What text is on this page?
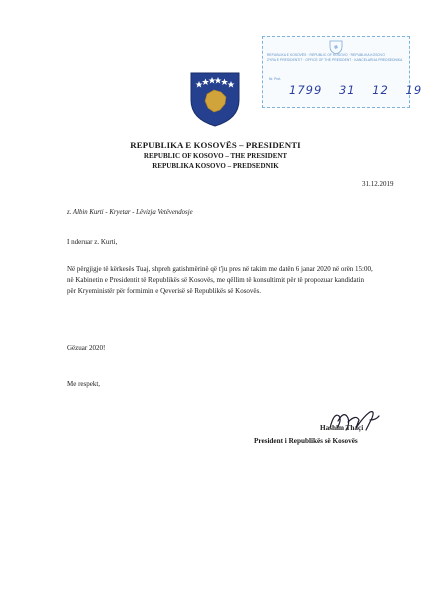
REPUBLIKA E KOSOVËS · REPUBLIC OF KOSOVO · REPUBLIKA KOSOVO
ZYRA E PRESIDENTIT · OFFICE OF THE PRESIDENT · KANCELARIJA PREDSEDNIKA
Nr. Prot.
1799 31 12 19
REPUBLIKA E KOSOVËS – PRESIDENTI
REPUBLIC OF KOSOVO – THE PRESIDENT
REPUBLIKA KOSOVO – PREDSEDNIK
31.12.2019
z. Albin Kurti - Kryetar - Lëvizja Vetëvendosje
I nderuar z. Kurti,
Në përgjigje të kërkesës Tuaj, shpreh gatishmërinë që t'ju pres në takim me datën 6 janar 2020 në orën 15:00, në Kabinetin e Presidentit të Republikës së Kosovës, me qëllim të konsultimit për të propozuar kandidatin për Kryeministër për formimin e Qeverisë së Republikës së Kosovës.
Gëzuar 2020!
Me respekt,
Hashim Thaçi
President i Republikës së Kosovës
